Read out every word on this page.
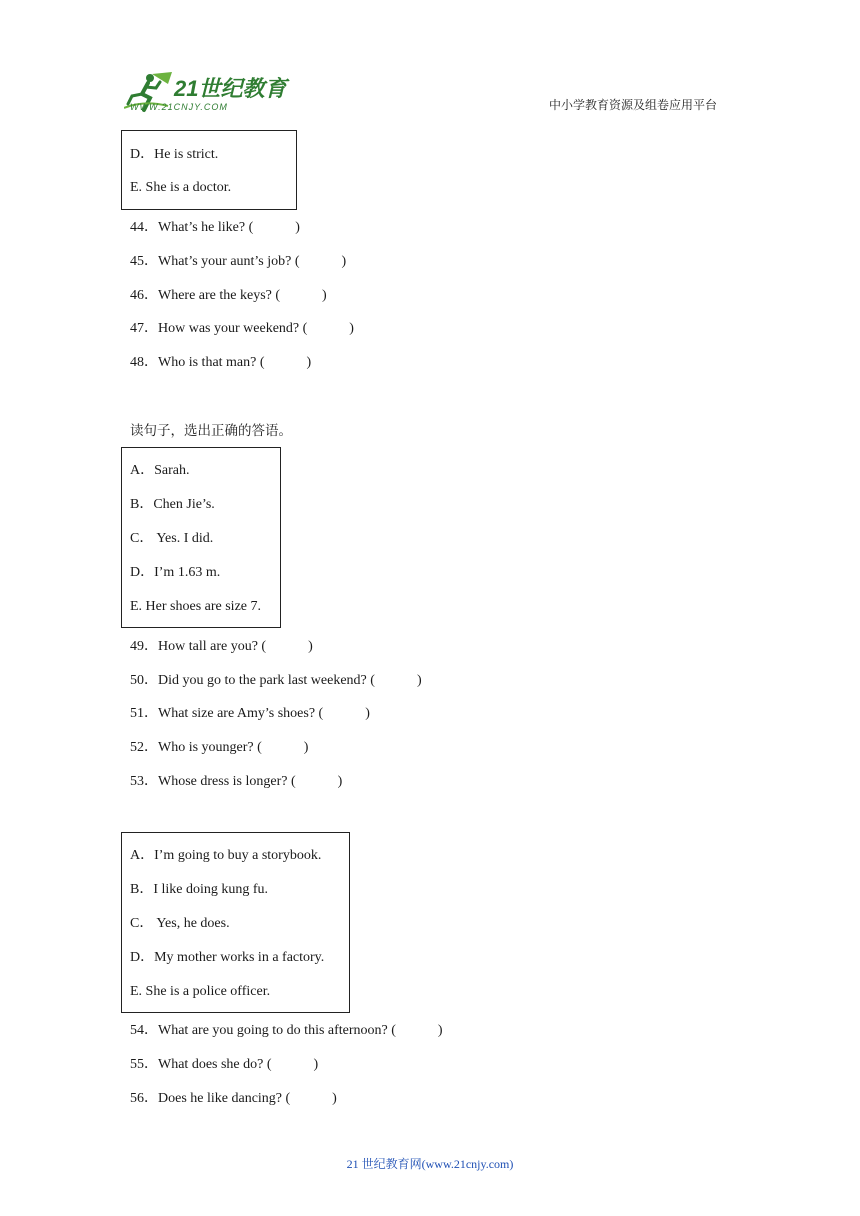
21世纪教育
WWW.21CNJY.COM	中小学教育资源及组卷应用平台
D．He is strict.
E. She is a doctor.
44．What’s he like? (　　　)
45．What’s your aunt’s job? (　　　)
46．Where are the keys? (　　　)
47．How was your weekend? (　　　)
48．Who is that man? (　　　)
读句子，选出正确的答语。
A．Sarah.
B．Chen Jie’s.
C． Yes. I did.
D．I’m 1.63 m.
E. Her shoes are size 7.
49．How tall are you? (　　　)
50．Did you go to the park last weekend? (　　　)
51．What size are Amy’s shoes? (　　　)
52．Who is younger? (　　　)
53．Whose dress is longer? (　　　)
A．I’m going to buy a storybook.
B．I like doing kung fu.
C． Yes, he does.
D．My mother works in a factory.
E. She is a police officer.
54．What are you going to do this afternoon? (　　　)
55．What does she do? (　　　)
56．Does he like dancing? (　　　)
21 世纪教育网(www.21cnjy.com)
